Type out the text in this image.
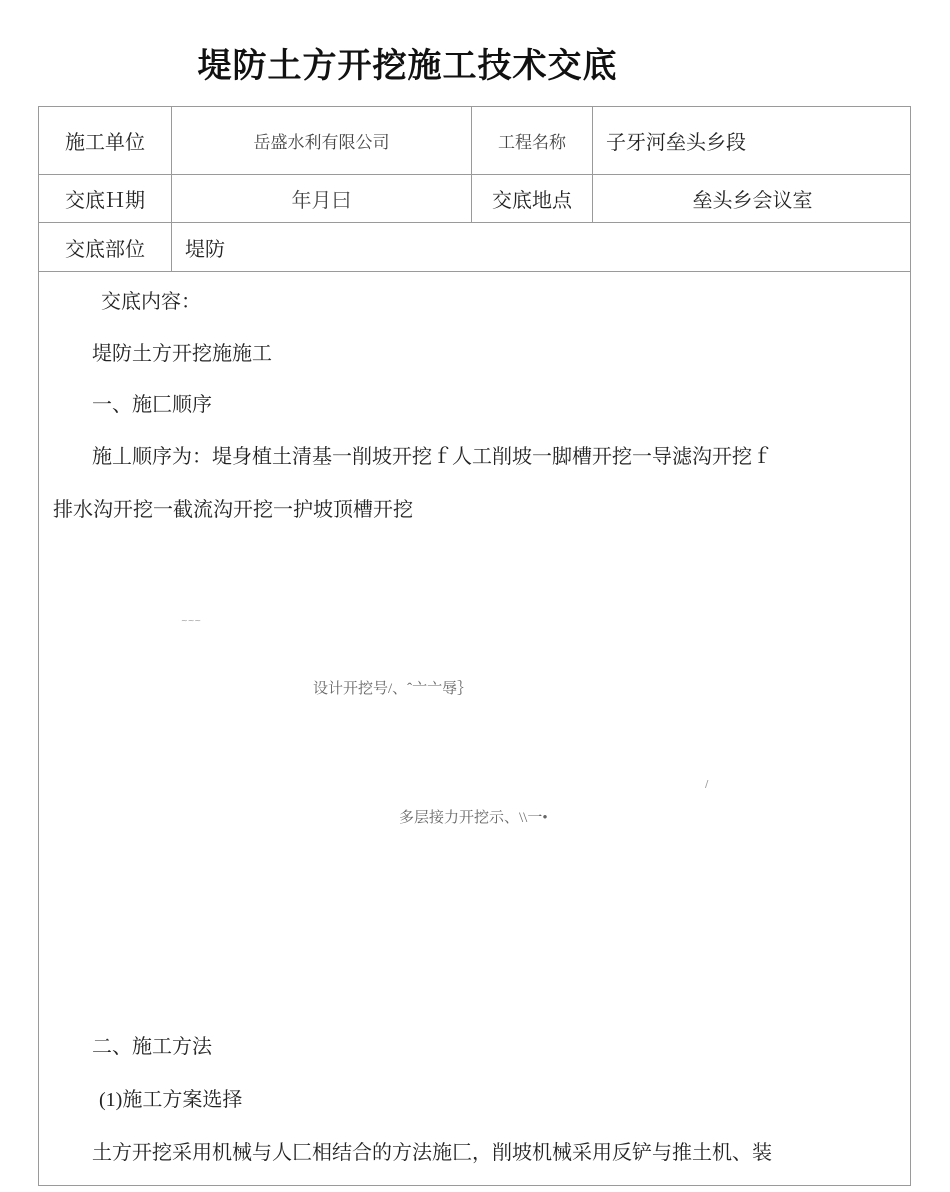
堤防土方开挖施工技术交底
施工单位	岳盛水利有限公司	工程名称	子牙河垒头乡段
交底Ｈ期	年月曰	交底地点	垒头乡会议室
交底部位	堤防
交底内容：
堤防土方开挖施施工
一、施匚顺序
施丄顺序为：堤身植土清基一削坡开挖ｆ人工削坡一脚槽开挖一导滤沟开挖ｆ
排水沟开挖一截流沟开挖一护坡顶槽开挖
~~~
设计开挖号/、ˆ亠亠辱｝
/
多层接力开挖示、\\一•
二、施工方法
(1)施工方案选择
土方开挖采用机械与人匚相结合的方法施匚，削坡机械采用反铲与推土机、装
